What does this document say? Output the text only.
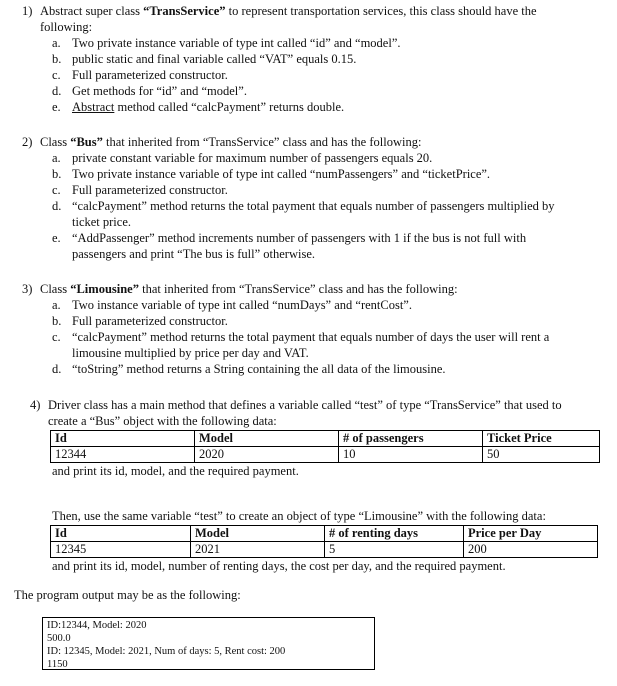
1) Abstract super class “TransService” to represent transportation services, this class should have the
following:
a. Two private instance variable of type int called “id” and “model”.
b. public static and final variable called “VAT” equals 0.15.
c. Full parameterized constructor.
d. Get methods for “id” and “model”.
e. Abstract method called “calcPayment” returns double.
2) Class “Bus” that inherited from “TransService” class and has the following:
a. private constant variable for maximum number of passengers equals 20.
b. Two private instance variable of type int called “numPassengers” and “ticketPrice”.
c. Full parameterized constructor.
d. “calcPayment” method returns the total payment that equals number of passengers multiplied by
ticket price.
e. “AddPassenger” method increments number of passengers with 1 if the bus is not full with
passengers and print “The bus is full” otherwise.
3) Class “Limousine” that inherited from “TransService” class and has the following:
a. Two instance variable of type int called “numDays” and “rentCost”.
b. Full parameterized constructor.
c. “calcPayment” method returns the total payment that equals number of days the user will rent a
limousine multiplied by price per day and VAT.
d. “toString” method returns a String containing the all data of the limousine.
4) Driver class has a main method that defines a variable called “test” of type “TransService” that used to
create a “Bus” object with the following data:
Id	Model	# of passengers	Ticket Price
12344	2020	10	50
and print its id, model, and the required payment.
Then, use the same variable “test” to create an object of type “Limousine” with the following data:
Id	Model	# of renting days	Price per Day
12345	2021	5	200
and print its id, model, number of renting days, the cost per day, and the required payment.
The program output may be as the following:
ID:12344, Model: 2020
500.0
ID: 12345, Model: 2021, Num of days: 5, Rent cost: 200
1150
